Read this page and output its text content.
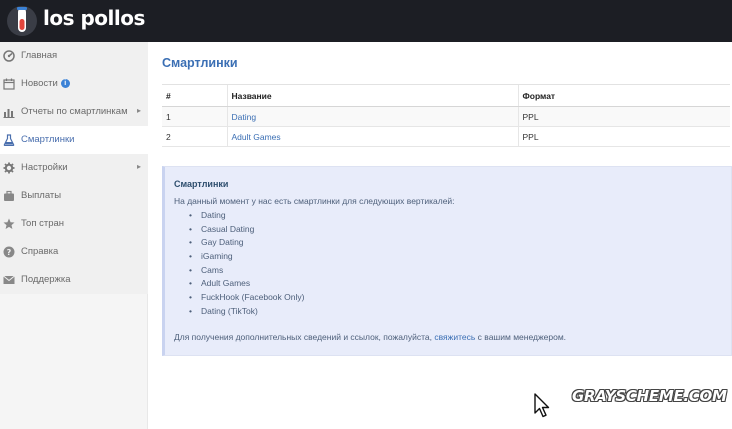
los pollos
Главная
Новости i
Отчеты по смартлинкам ▸
Смартлинки
Настройки	▸
Выплаты
Топ стран
? Справка
Поддержка
Смартлинки
#	Название	Формат
1	Dating	PPL
2	Adult Games	PPL
Смартлинки
На данный момент у нас есть смартлинки для следующих вертикалей:
• Dating
• Casual Dating
• Gay Dating
• iGaming
• Cams
• Adult Games
• FuckHook (Facebook Only)
• Dating (TikTok)
Для получения дополнительных сведений и ссылок, пожалуйста, свяжитесь с вашим менеджером.
GRAYSCHEME.COM
